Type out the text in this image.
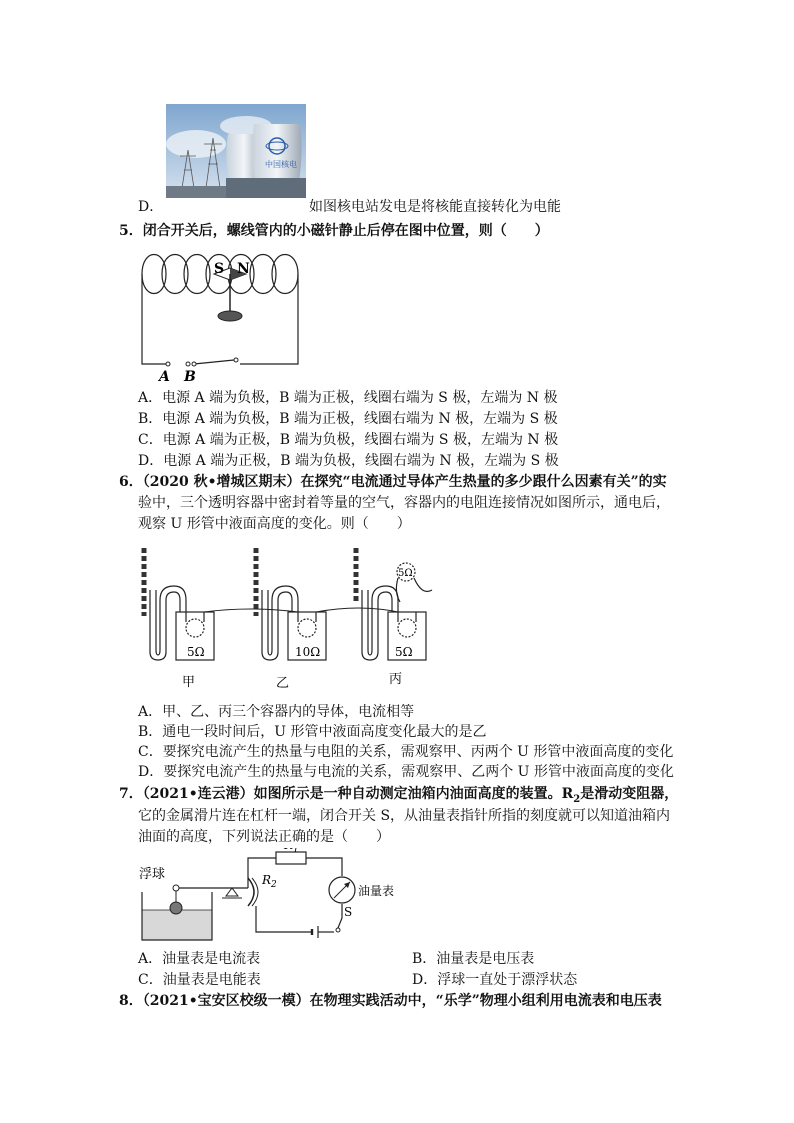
中国核电
D．	如图核电站发电是将核能直接转化为电能
5．闭合开关后，螺线管内的小磁针静止后停在图中位置，则（　　）
S N
A B
A．电源 A 端为负极，B 端为正极，线圈右端为 S 极，左端为 N 极
B．电源 A 端为负极，B 端为正极，线圈右端为 N 极，左端为 S 极
C．电源 A 端为正极，B 端为负极，线圈右端为 S 极，左端为 N 极
D．电源 A 端为正极，B 端为负极，线圈右端为 N 极，左端为 S 极
6．（2020 秋•增城区期末）在探究“电流通过导体产生热量的多少跟什么因素有关”的实
验中，三个透明容器中密封着等量的空气，容器内的电阻连接情况如图所示，通电后，
观察 U 形管中液面高度的变化。则（　　）
5Ω	10Ω
5Ω
5Ω
甲	乙	丙
A．甲、乙、丙三个容器内的导体，电流相等
B．通电一段时间后，U 形管中液面高度变化最大的是乙
C．要探究电流产生的热量与电阻的关系，需观察甲、丙两个 U 形管中液面高度的变化
D．要探究电流产生的热量与电流的关系，需观察甲、乙两个 U 形管中液面高度的变化
7．（2021•连云港）如图所示是一种自动测定油箱内油面高度的装置。$R_2$是滑动变阻器，
它的金属滑片连在杠杆一端，闭合开关 S，从油量表指针所指的刻度就可以知道油箱内
油面的高度，下列说法正确的是（　　）
浮球
$_1$
$R_2$	油量表
S
A．油量表是电流表	B．油量表是电压表
C．油量表是电能表	D．浮球一直处于漂浮状态
8．（2021•宝安区校级一模）在物理实践活动中，“乐学”物理小组利用电流表和电压表
